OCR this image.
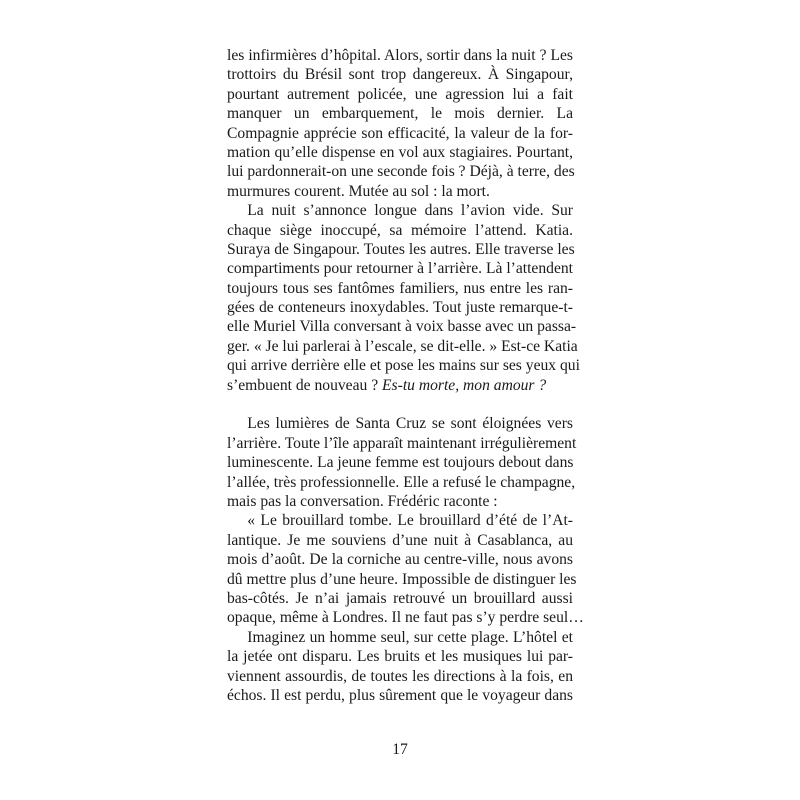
les infirmières d’hôpital. Alors, sortir dans la nuit ? Les
trottoirs du Brésil sont trop dangereux. À Singapour,
pourtant autrement policée, une agression lui a fait
manquer un embarquement, le mois dernier. La
Compagnie apprécie son efficacité, la valeur de la for-
mation qu’elle dispense en vol aux stagiaires. Pourtant,
lui pardonnerait-on une seconde fois ? Déjà, à terre, des
murmures courent. Mutée au sol : la mort.
La nuit s’annonce longue dans l’avion vide. Sur
chaque siège inoccupé, sa mémoire l’attend. Katia.
Suraya de Singapour. Toutes les autres. Elle traverse les
compartiments pour retourner à l’arrière. Là l’attendent
toujours tous ses fantômes familiers, nus entre les ran-
gées de conteneurs inoxydables. Tout juste remarque-t-
elle Muriel Villa conversant à voix basse avec un passa-
ger. « Je lui parlerai à l’escale, se dit-elle. » Est-ce Katia
qui arrive derrière elle et pose les mains sur ses yeux qui
s’embuent de nouveau ? Es-tu morte, mon amour ?
Les lumières de Santa Cruz se sont éloignées vers
l’arrière. Toute l’île apparaît maintenant irrégulièrement
luminescente. La jeune femme est toujours debout dans
l’allée, très professionnelle. Elle a refusé le champagne,
mais pas la conversation. Frédéric raconte :
« Le brouillard tombe. Le brouillard d’été de l’At-
lantique. Je me souviens d’une nuit à Casablanca, au
mois d’août. De la corniche au centre-ville, nous avons
dû mettre plus d’une heure. Impossible de distinguer les
bas-côtés. Je n’ai jamais retrouvé un brouillard aussi
opaque, même à Londres. Il ne faut pas s’y perdre seul…
Imaginez un homme seul, sur cette plage. L’hôtel et
la jetée ont disparu. Les bruits et les musiques lui par-
viennent assourdis, de toutes les directions à la fois, en
échos. Il est perdu, plus sûrement que le voyageur dans
17
